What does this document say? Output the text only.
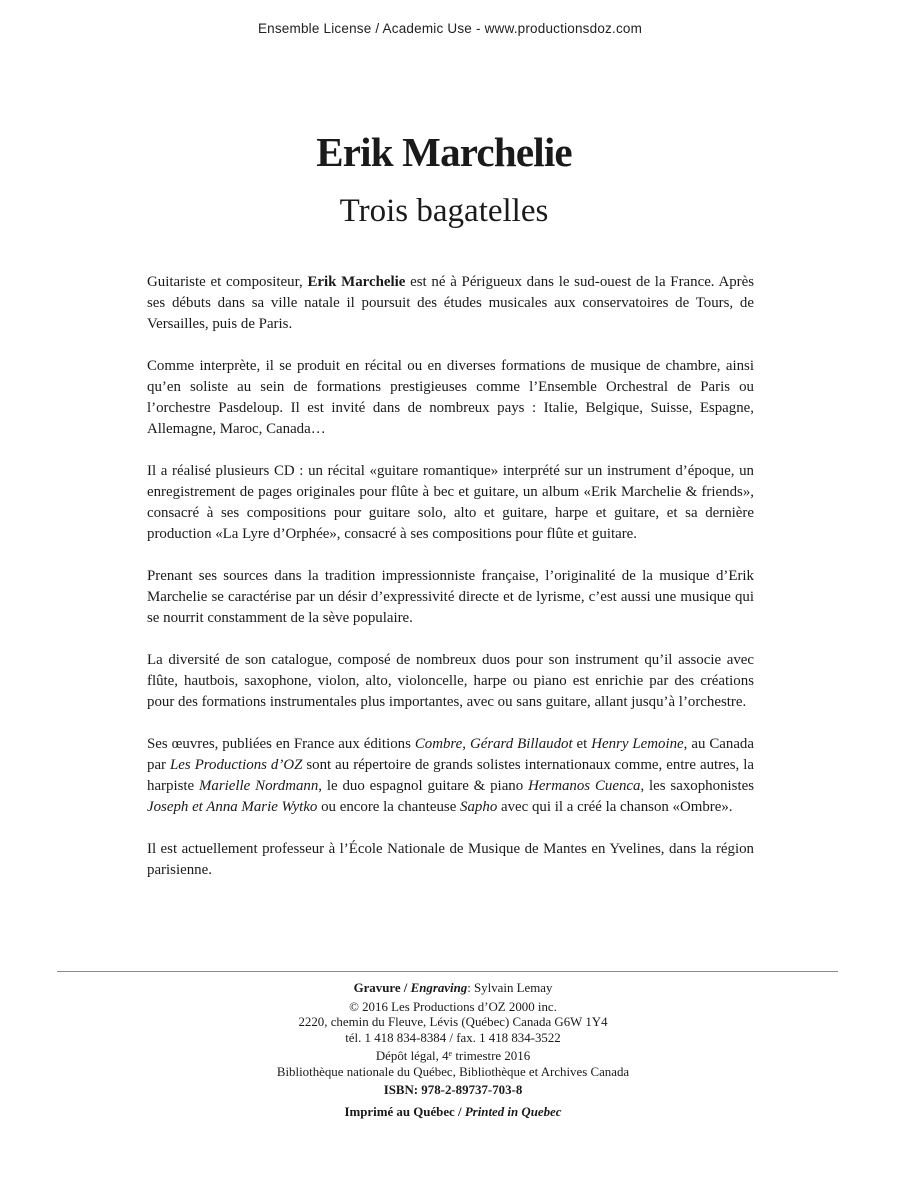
Ensemble License / Academic Use - www.productionsdoz.com
Erik Marchelie
Trois bagatelles

Guitariste et compositeur, Erik Marchelie est né à Périgueux dans le sud-ouest de la France. Après ses débuts dans sa ville natale il poursuit des études musicales aux conservatoires de Tours, de Versailles, puis de Paris.

Comme interprète, il se produit en récital ou en diverses formations de musique de chambre, ainsi qu’en soliste au sein de formations prestigieuses comme l’Ensemble Orchestral de Paris ou l’orchestre Pasdeloup. Il est invité dans de nombreux pays : Italie, Belgique, Suisse, Espagne, Allemagne, Maroc, Canada…

Il a réalisé plusieurs CD : un récital «guitare romantique» interprété sur un instrument d’époque, un enregistrement de pages originales pour flûte à bec et guitare, un album «Erik Marchelie & friends», consacré à ses compositions pour guitare solo, alto et guitare, harpe et guitare, et sa dernière production «La Lyre d’Orphée», consacré à ses compositions pour flûte et guitare.

Prenant ses sources dans la tradition impressionniste française, l’originalité de la musique d’Erik Marchelie se caractérise par un désir d’expressivité directe et de lyrisme, c’est aussi une musique qui se nourrit constamment de la sève populaire.

La diversité de son catalogue, composé de nombreux duos pour son instrument qu’il associe avec flûte, hautbois, saxophone, violon, alto, violoncelle, harpe ou piano est enrichie par des créations pour des formations instrumentales plus importantes, avec ou sans guitare, allant jusqu’à l’orchestre.

Ses œuvres, publiées en France aux éditions Combre, Gérard Billaudot et Henry Lemoine, au Canada par Les Productions d’OZ sont au répertoire de grands solistes internationaux comme, entre autres, la harpiste Marielle Nordmann, le duo espagnol guitare & piano Hermanos Cuenca, les saxophonistes Joseph et Anna Marie Wytko ou encore la chanteuse Sapho avec qui il a créé la chanson «Ombre».

Il est actuellement professeur à l’École Nationale de Musique de Mantes en Yvelines, dans la région parisienne.

Gravure / Engraving: Sylvain Lemay
© 2016 Les Productions d’OZ 2000 inc.
2220, chemin du Fleuve, Lévis (Québec) Canada G6W 1Y4
tél. 1 418 834-8384 / fax. 1 418 834-3522
Dépôt légal, 4e trimestre 2016
Bibliothèque nationale du Québec, Bibliothèque et Archives Canada
ISBN: 978-2-89737-703-8
Imprimé au Québec / Printed in Quebec
